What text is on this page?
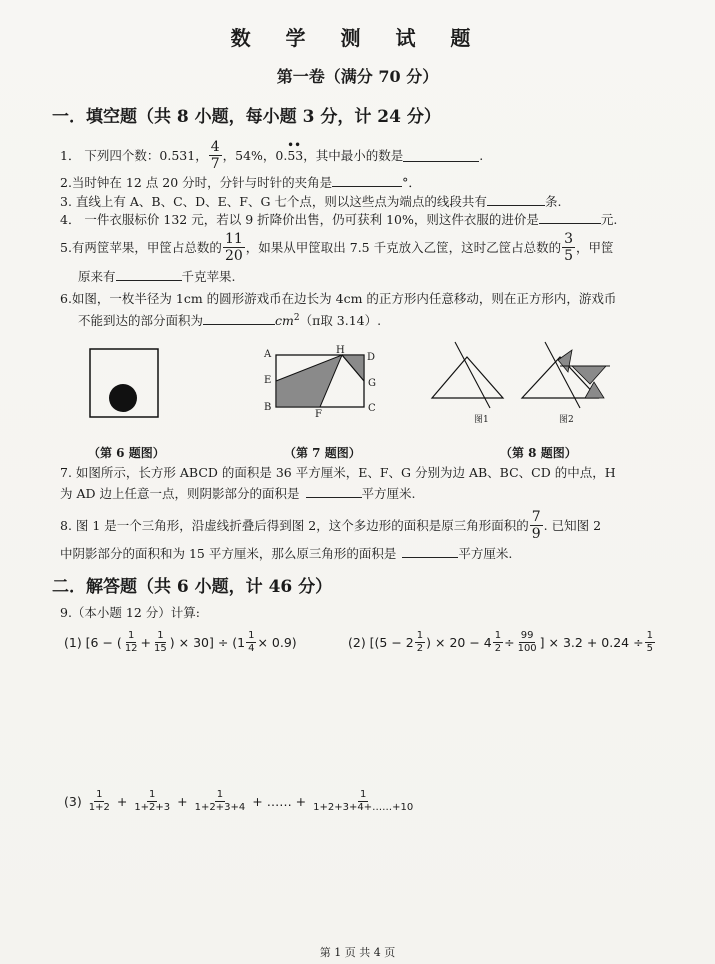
数 学 测 试 题
第一卷（满分 70 分）
一．填空题（共 8 小题，每小题 3 分，计 24 分）
1． 下列四个数：0.531， $\frac{4}{7}$ ，54%，0.
• •
53 ，其中最小的数是	.
2.当时钟在 12 点 20 分时，分针与时针的夹角是	°．
3. 直线上有 A、B、C、D、E、F、G 七个点，则以这些点为端点的线段共有	条.
4． 一件衣服标价 132 元，若以 9 折降价出售，仍可获利 10%，则这件衣服的进价是	元.
5.有两筐苹果，甲筐占总数的 $\frac{11}{20}$ ，如果从甲筐取出 7.5 千克放入乙筐，这时乙筐占总数的 $\frac{3}{5}$ ，甲筐
原来有	千克苹果.
6.如图，一枚半径为 1cm 的圆形游戏币在边长为 4cm 的正方形内任意移动，则在正方形内，游戏币
不能到达的部分面积为	$cm^2(\pi$取 3.14）.
A	H
D
E	G
B
F
C
图1	图2
（第 6 题图）	（第 7 题图）	（第 8 题图）
7. 如图所示，长方形 ABCD 的面积是 36 平方厘米，E、F、G 分别为边 AB、BC、CD 的中点，H
为 AD 边上任意一点，则阴影部分的面积是	平方厘米.
8. 图 1 是一个三角形，沿虚线折叠后得到图 2，这个多边形的面积是原三角形面积的 $\frac{7}{9}$ . 已知图 2
中阴影部分的面积和为 15 平方厘米，那么原三角形的面积是	平方厘米.
二．解答题（共 6 小题，计 46 分）
9.（本小题 12 分）计算:
(1) [6 − ( $\frac{1}{12} + \frac{1}{15}$ ) × $30] \div (1 \frac{1}{4} \times 0.9)$	(2) [($5 - 2 \frac{1}{2}$ ) × $20 - 4 \frac{1}{2} \div \frac{99}{100}$ ] × $3.2 + 0.24 \div \frac{1}{5}$
$(3) \frac{1}{1+2} + \frac{1}{1+2+3} + \frac{1}{1+2+3+4}$ + …… + $\frac{1}{1+2+3+4+\dots\dots+10}$
第 1 页 共 4 页
